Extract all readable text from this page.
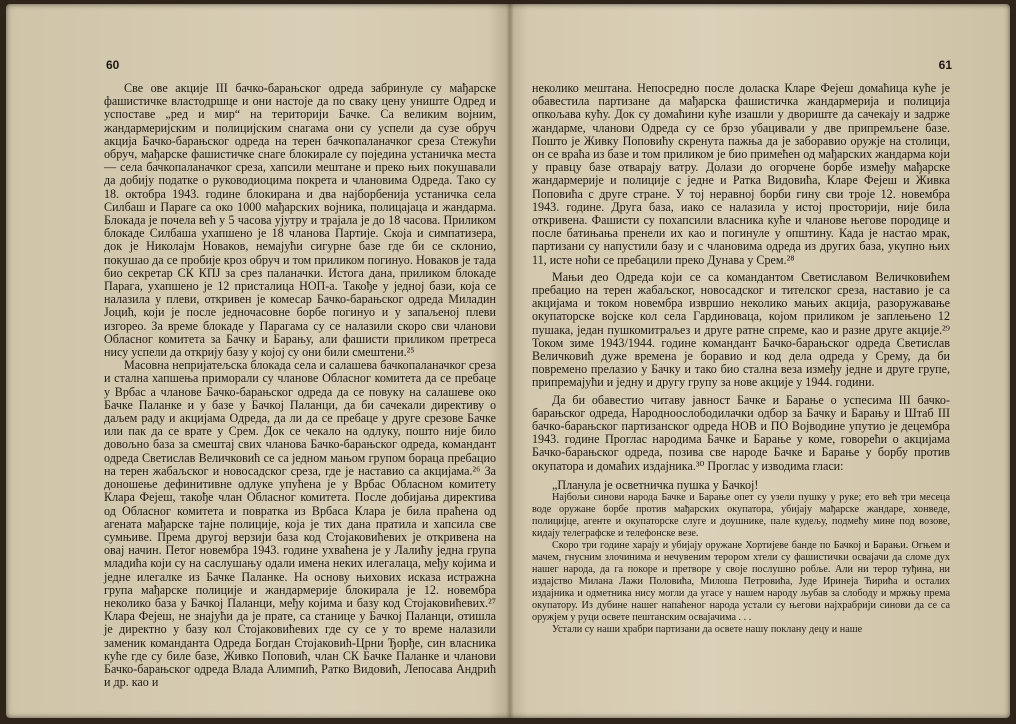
60

Све ове акције III бачко-барањског одреда забринуле су мађарске фашистичке властодршце и они настоје да по сваку цену униште Одред и успоставе „ред и мир“ на територији Бачке. Са великим војним, жандармеријским и полицијским снагама они су успели да сузе обруч акција Бачко-барањског одреда на терен бачкопаланачког среза Стежући обруч, мађарске фашистичке снаге блокирале су поједина устаничка места — села бачкопаланачког среза, хапсили мештане и преко њих покушавали да добију податке о руководиоцима покрета и члановима Одреда. Тако су 18. октобра 1943. године блокирана и два најборбенија устаничка села Силбаш и Параге са око 1000 мађарских војника, полицајаца и жандарма. Блокада је почела већ у 5 часова ујутру и трајала је до 18 часова. Приликом блокаде Силбаша ухапшено је 18 чланова Партије. Скоја и симпатизера, док је Николајм Новаков, немајући сигурне базе где би се склонио, покушао да се пробије кроз обруч и том приликом погинуо. Новаков је тада био секретар СК КПЈ за срез паланачки. Истога дана, приликом блокаде Парага, ухапшено је 12 присталица НОП-а. Такође у једној бази, која се налазила у плеви, откривен је комесар Бачко-барањског одреда Миладин Јоцић, који је после једночасовне борбе погинуо и у запаљеној плеви изгорео. За време блокаде у Парагама су се налазили скоро сви чланови Обласног комитета за Бачку и Барању, али фашисти приликом претреса нису успели да открију базу у којој су они били смештени.²⁵

Масовна непријатељска блокада села и салашева бачкопаланачког среза и стална хапшења приморали су чланове Обласног комитета да се пребаце у Врбас а чланове Бачко-барањског одреда да се повуку на салашеве око Бачке Паланке и у базе у Бачкој Паланци, да би сачекали директиву о даљем раду и акцијама Одреда, да ли да се пребаце у друге срезове Бачке или пак да се врате у Срем. Док се чекало на одлуку, пошто није било довољно база за смештај свих чланова Бачко-барањског одреда, командант одреда Светислав Величковић се са једном мањом групом бораца пребацио на терен жабаљског и новосадског среза, где је наставио са акцијама.²⁶ За доношење дефинитивне одлуке упућена је у Врбас Обласном комитету Клара Фејеш, такође члан Обласног комитета. После добијања директива од Обласног комитета и повратка из Врбаса Клара је била праћена од агената мађарске тајне полиције, која је тих дана пратила и хапсила све сумњиве. Према другој верзији база код Стојаковићевих је откривена на овај начин. Петог новембра 1943. године ухваћена је у Лалићу једна група младића који су на саслушању одали имена неких илегалаца, међу којима и једне илегалке из Бачке Паланке. На основу њихових исказа истражна група мађарске полиције и жандармерије блокирала је 12. новембра неколико база у Бачкој Паланци, међу којима и базу код Стојаковићевих.²⁷ Клара Фејеш, не знајући да је прате, са станице у Бачкој Паланци, отишла је директно у базу кол Стојаковићевих где су се у то време налазили заменик команданта Одреда Богдан Стојаковић-Црни Ђорђе, син власника куће где су биле базе, Живко Поповић, члан СК Бачке Паланке и чланови Бачко-барањског одреда Влада Алимпић, Ратко Видовић, Лепосава Андрић и др. као и

61

неколико мештана. Непосредно после доласка Кларе Фејеш домаћица куће је обавестила партизане да мађарска фашистичка жандармерија и полиција опкољава кућу. Док су домаћини куће изашли у двориште да сачекају и задрже жандарме, чланови Одреда су се брзо убацивали у две припремљене базе. Пошто је Живку Поповићу скренута пажња да је заборавио оружје на столици, он се враћа из базе и том приликом је био примећен од мађарских жандарма који у правцу базе отварају ватру. Долази до огорчене борбе између мађарске жандармерије и полиције с једне и Ратка Видовића, Кларе Фејеш и Живка Поповића с друге стране. У тој неравној борби гину сви троје 12. новембра 1943. године. Друга база, иако се налазила у истој просторији, није била откривена. Фашисти су похапсили власника куће и чланове његове породице и после батињања пренели их као и погинуле у општину. Када је настао мрак, партизани су напустили базу и с члановима одреда из других база, укупно њих 11, исте ноћи се пребацили преко Дунава у Срем.²⁸

Мањи део Одреда који се са командантом Светиславом Величковићем пребацио на терен жабаљског, новосадског и тителског среза, наставио је са акцијама и током новембра извршио неколико мањих акција, разоружавање окупаторске војске кол села Гардиноваца, којом приликом је заплењено 12 пушака, један пушкомитраљез и друге ратне спреме, као и разне друге акције.²⁹ Током зиме 1943/1944. године командант Бачко-барањског одреда Светислав Величковић дуже времена је боравио и код дела одреда у Срему, да би повремено прелазио у Бачку и тако био стална веза између једне и друге групе, припремајући и једну и другу групу за нове акције у 1944. години.

Да би обавестио читаву јавност Бачке и Барање о успесима III бачко-барањског одреда, Народноослободилачки одбор за Бачку и Барању и Штаб III бачко-барањског партизанског одреда НОВ и ПО Војводине упутио је децембра 1943. године Проглас народима Бачке и Барање у коме, говорећи о акцијама Бачко-барањског одреда, позива све народе Бачке и Барање у борбу против окупатора и домаћих издајника.³⁰ Проглас у изводима гласи:

„Планула је осветничка пушка у Бачкој!

Најбољи синови народа Бачке и Барање опет су узели пушку у руке; ето већ три месеца воде оружане борбе против мађарских окупатора, убијају мађарске жандаре, хонведе, полицијце, агенте и окупаторске слуге и доушнике, пале кудељу, подмећу мине под возове, кидају телеграфске и телефонске везе.

Скоро три године харају и убијају оружане Хортијеве банде по Бачкој и Барањи. Огњем и мачем, гнусним злочинима и нечувеним терором хтели су фашистички освајачи да сломе дух нашег народа, да га покоре и претворе у своје послушно робље. Али ни терор туђина, ни издајство Милана Лажи Половића, Милоша Петровића, Јуде Иринеја Ћирића и осталих издајника и одметника нису могли да угасе у нашем народу љубав за слободу и мржњу према окупатору. Из дубине нашег напаћеног народа устали су његови најхрабрији синови да се са оружјем у руци освете пештанским освајачима . . .

Устали су наши храбри партизани да освете нашу поклану децу и наше
